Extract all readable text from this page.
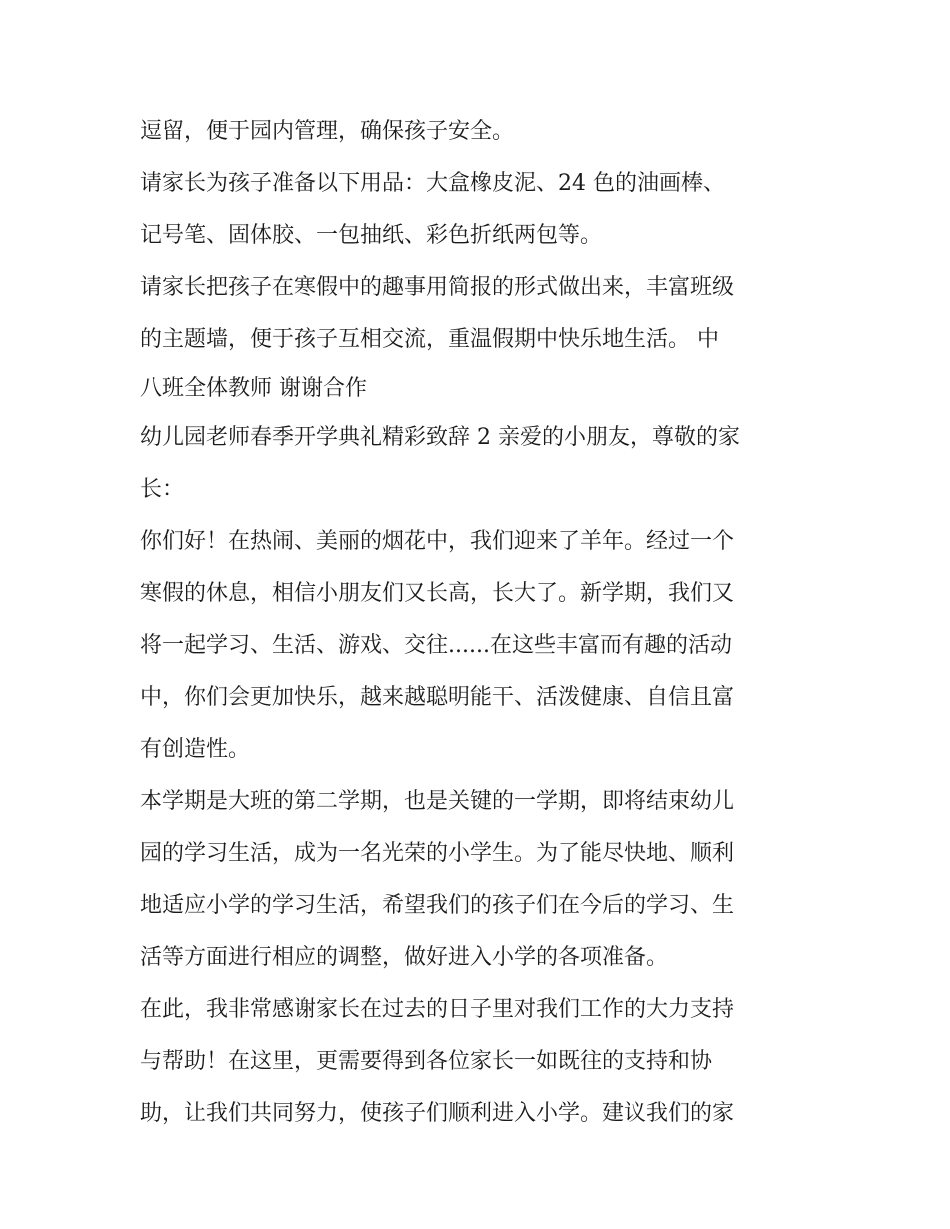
逗留，便于园内管理，确保孩子安全。
请家长为孩子准备以下用品：大盒橡皮泥、24 色的油画棒、
记号笔、固体胶、一包抽纸、彩色折纸两包等。
请家长把孩子在寒假中的趣事用简报的形式做出来，丰富班级
的主题墙，便于孩子互相交流，重温假期中快乐地生活。 中
八班全体教师 谢谢合作
幼儿园老师春季开学典礼精彩致辞 2 亲爱的小朋友，尊敬的家
长：
你们好！在热闹、美丽的烟花中，我们迎来了羊年。经过一个
寒假的休息，相信小朋友们又长高，长大了。新学期，我们又
将一起学习、生活、游戏、交往......在这些丰富而有趣的活动
中，你们会更加快乐，越来越聪明能干、活泼健康、自信且富
有创造性。
本学期是大班的第二学期，也是关键的一学期，即将结束幼儿
园的学习生活，成为一名光荣的小学生。为了能尽快地、顺利
地适应小学的学习生活，希望我们的孩子们在今后的学习、生
活等方面进行相应的调整，做好进入小学的各项准备。
在此，我非常感谢家长在过去的日子里对我们工作的大力支持
与帮助！在这里，更需要得到各位家长一如既往的支持和协
助，让我们共同努力，使孩子们顺利进入小学。建议我们的家
